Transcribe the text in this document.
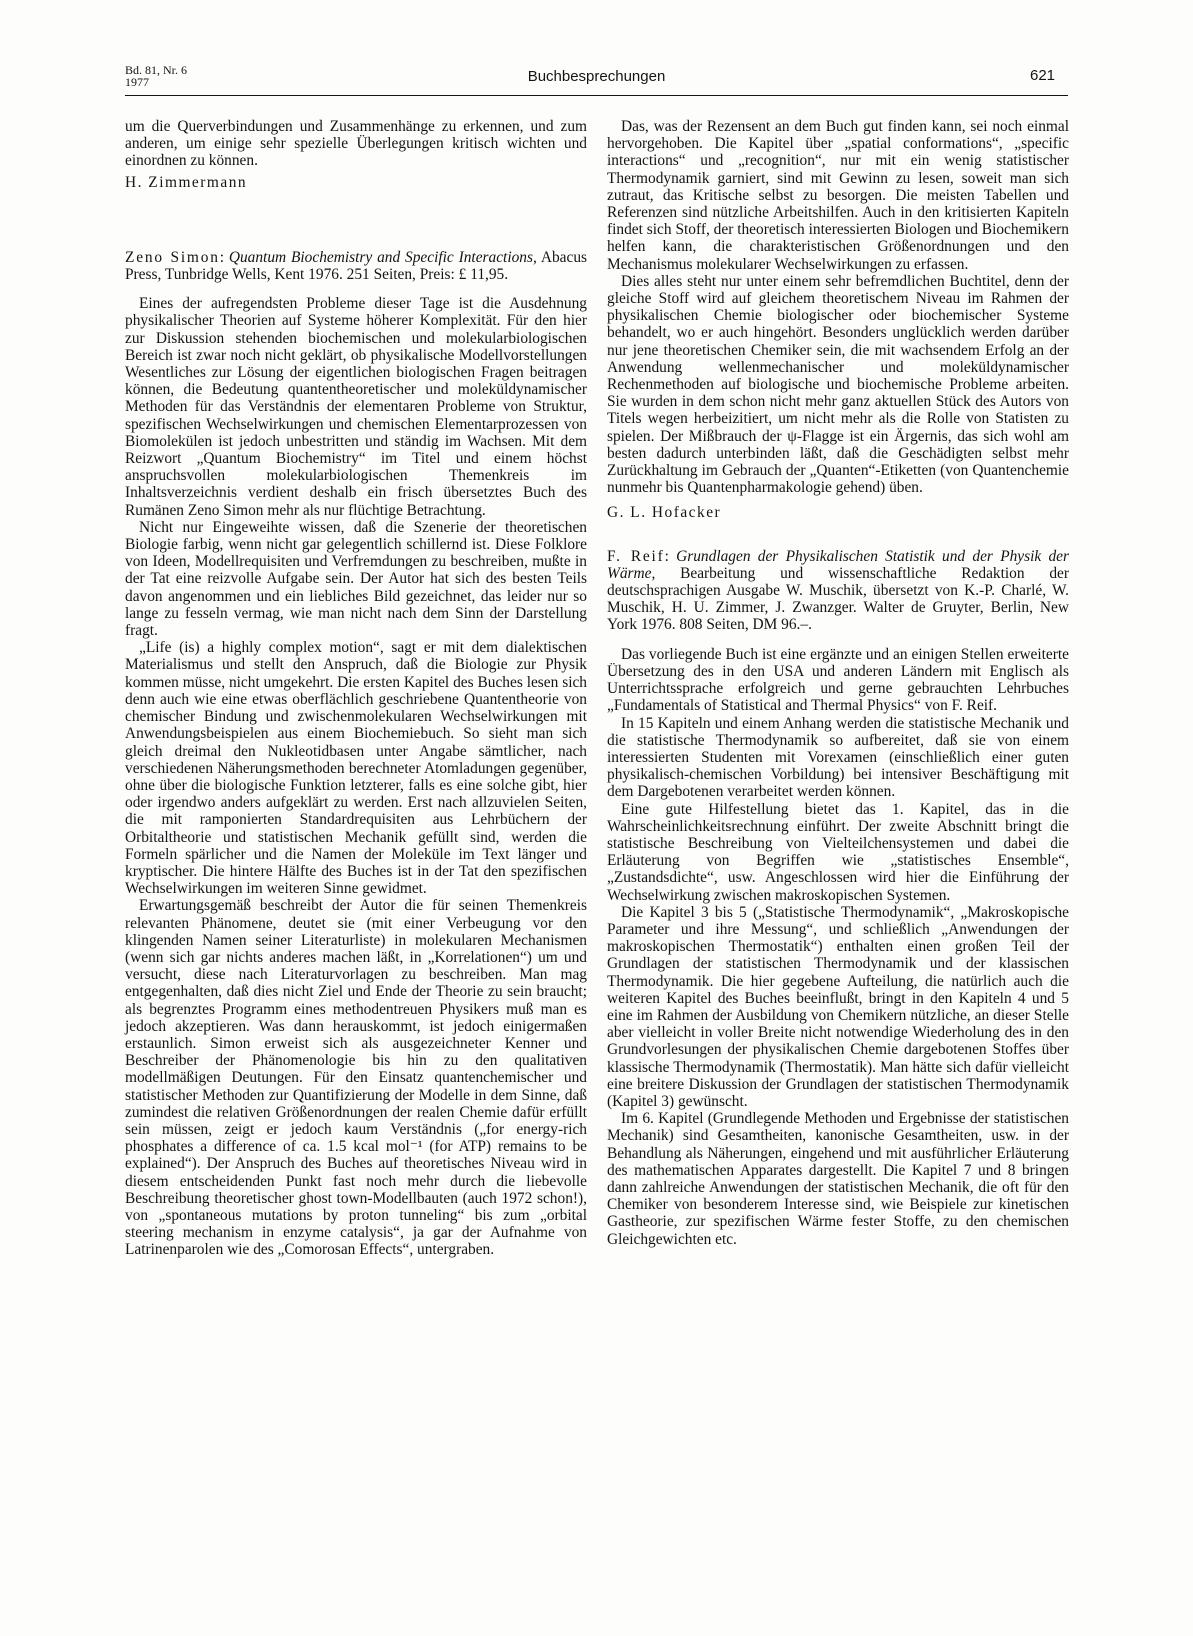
Bd. 81, Nr. 6
1977	Buchbesprechungen	621

um die Querverbindungen und Zusammenhänge zu erkennen, und zum anderen, um einige sehr spezielle Überlegungen kritisch wichten und einordnen zu können.

H. Zimmermann

Zeno Simon: Quantum Biochemistry and Specific Interactions, Abacus Press, Tunbridge Wells, Kent 1976. 251 Seiten, Preis: £ 11,95.

Eines der aufregendsten Probleme dieser Tage ist die Ausdehnung physikalischer Theorien auf Systeme höherer Komplexität. Für den hier zur Diskussion stehenden biochemischen und molekularbiologischen Bereich ist zwar noch nicht geklärt, ob physikalische Modellvorstellungen Wesentliches zur Lösung der eigentlichen biologischen Fragen beitragen können, die Bedeutung quantentheoretischer und moleküldynamischer Methoden für das Verständnis der elementaren Probleme von Struktur, spezifischen Wechselwirkungen und chemischen Elementarprozessen von Biomolekülen ist jedoch unbestritten und ständig im Wachsen. Mit dem Reizwort „Quantum Biochemistry“ im Titel und einem höchst anspruchsvollen molekularbiologischen Themenkreis im Inhaltsverzeichnis verdient deshalb ein frisch übersetztes Buch des Rumänen Zeno Simon mehr als nur flüchtige Betrachtung.

Nicht nur Eingeweihte wissen, daß die Szenerie der theoretischen Biologie farbig, wenn nicht gar gelegentlich schillernd ist. Diese Folklore von Ideen, Modellrequisiten und Verfremdungen zu beschreiben, mußte in der Tat eine reizvolle Aufgabe sein. Der Autor hat sich des besten Teils davon angenommen und ein liebliches Bild gezeichnet, das leider nur so lange zu fesseln vermag, wie man nicht nach dem Sinn der Darstellung fragt.

„Life (is) a highly complex motion“, sagt er mit dem dialektischen Materialismus und stellt den Anspruch, daß die Biologie zur Physik kommen müsse, nicht umgekehrt. Die ersten Kapitel des Buches lesen sich denn auch wie eine etwas oberflächlich geschriebene Quantentheorie von chemischer Bindung und zwischenmolekularen Wechselwirkungen mit Anwendungsbeispielen aus einem Biochemiebuch. So sieht man sich gleich dreimal den Nukleotidbasen unter Angabe sämtlicher, nach verschiedenen Näherungsmethoden berechneter Atomladungen gegenüber, ohne über die biologische Funktion letzterer, falls es eine solche gibt, hier oder irgendwo anders aufgeklärt zu werden. Erst nach allzuvielen Seiten, die mit ramponierten Standardrequisiten aus Lehrbüchern der Orbitaltheorie und statistischen Mechanik gefüllt sind, werden die Formeln spärlicher und die Namen der Moleküle im Text länger und kryptischer. Die hintere Hälfte des Buches ist in der Tat den spezifischen Wechselwirkungen im weiteren Sinne gewidmet.

Erwartungsgemäß beschreibt der Autor die für seinen Themenkreis relevanten Phänomene, deutet sie (mit einer Verbeugung vor den klingenden Namen seiner Literaturliste) in molekularen Mechanismen (wenn sich gar nichts anderes machen läßt, in „Korrelationen“) um und versucht, diese nach Literaturvorlagen zu beschreiben. Man mag entgegenhalten, daß dies nicht Ziel und Ende der Theorie zu sein braucht; als begrenztes Programm eines methodentreuen Physikers muß man es jedoch akzeptieren. Was dann herauskommt, ist jedoch einigermaßen erstaunlich. Simon erweist sich als ausgezeichneter Kenner und Beschreiber der Phänomenologie bis hin zu den qualitativen modellmäßigen Deutungen. Für den Einsatz quantenchemischer und statistischer Methoden zur Quantifizierung der Modelle in dem Sinne, daß zumindest die relativen Größenordnungen der realen Chemie dafür erfüllt sein müssen, zeigt er jedoch kaum Verständnis („for energy-rich phosphates a difference of ca. 1.5 kcal mol⁻¹ (for ATP) remains to be explained“). Der Anspruch des Buches auf theoretisches Niveau wird in diesem entscheidenden Punkt fast noch mehr durch die liebevolle Beschreibung theoretischer ghost town-Modellbauten (auch 1972 schon!), von „spontaneous mutations by proton tunneling“ bis zum „orbital steering mechanism in enzyme catalysis“, ja gar der Aufnahme von Latrinenparolen wie des „Comorosan Effects“, untergraben.

Das, was der Rezensent an dem Buch gut finden kann, sei noch einmal hervorgehoben. Die Kapitel über „spatial conformations“, „specific interactions“ und „recognition“, nur mit ein wenig statistischer Thermodynamik garniert, sind mit Gewinn zu lesen, soweit man sich zutraut, das Kritische selbst zu besorgen. Die meisten Tabellen und Referenzen sind nützliche Arbeitshilfen. Auch in den kritisierten Kapiteln findet sich Stoff, der theoretisch interessierten Biologen und Biochemikern helfen kann, die charakteristischen Größenordnungen und den Mechanismus molekularer Wechselwirkungen zu erfassen.

Dies alles steht nur unter einem sehr befremdlichen Buchtitel, denn der gleiche Stoff wird auf gleichem theoretischem Niveau im Rahmen der physikalischen Chemie biologischer oder biochemischer Systeme behandelt, wo er auch hingehört. Besonders unglücklich werden darüber nur jene theoretischen Chemiker sein, die mit wachsendem Erfolg an der Anwendung wellenmechanischer und moleküldynamischer Rechenmethoden auf biologische und biochemische Probleme arbeiten. Sie wurden in dem schon nicht mehr ganz aktuellen Stück des Autors von Titels wegen herbeizitiert, um nicht mehr als die Rolle von Statisten zu spielen. Der Mißbrauch der ψ-Flagge ist ein Ärgernis, das sich wohl am besten dadurch unterbinden läßt, daß die Geschädigten selbst mehr Zurückhaltung im Gebrauch der „Quanten“-Etiketten (von Quantenchemie nunmehr bis Quantenpharmakologie gehend) üben.

G. L. Hofacker

F. Reif: Grundlagen der Physikalischen Statistik und der Physik der Wärme, Bearbeitung und wissenschaftliche Redaktion der deutschsprachigen Ausgabe W. Muschik, übersetzt von K.-P. Charlé, W. Muschik, H. U. Zimmer, J. Zwanzger. Walter de Gruyter, Berlin, New York 1976. 808 Seiten, DM 96.–.

Das vorliegende Buch ist eine ergänzte und an einigen Stellen erweiterte Übersetzung des in den USA und anderen Ländern mit Englisch als Unterrichtssprache erfolgreich und gerne gebrauchten Lehrbuches „Fundamentals of Statistical and Thermal Physics“ von F. Reif.

In 15 Kapiteln und einem Anhang werden die statistische Mechanik und die statistische Thermodynamik so aufbereitet, daß sie von einem interessierten Studenten mit Vorexamen (einschließlich einer guten physikalisch-chemischen Vorbildung) bei intensiver Beschäftigung mit dem Dargebotenen verarbeitet werden können.

Eine gute Hilfestellung bietet das 1. Kapitel, das in die Wahrscheinlichkeitsrechnung einführt. Der zweite Abschnitt bringt die statistische Beschreibung von Vielteilchensystemen und dabei die Erläuterung von Begriffen wie „statistisches Ensemble“, „Zustandsdichte“, usw. Angeschlossen wird hier die Einführung der Wechselwirkung zwischen makroskopischen Systemen.

Die Kapitel 3 bis 5 („Statistische Thermodynamik“, „Makroskopische Parameter und ihre Messung“, und schließlich „Anwendungen der makroskopischen Thermostatik“) enthalten einen großen Teil der Grundlagen der statistischen Thermodynamik und der klassischen Thermodynamik. Die hier gegebene Aufteilung, die natürlich auch die weiteren Kapitel des Buches beeinflußt, bringt in den Kapiteln 4 und 5 eine im Rahmen der Ausbildung von Chemikern nützliche, an dieser Stelle aber vielleicht in voller Breite nicht notwendige Wiederholung des in den Grundvorlesungen der physikalischen Chemie dargebotenen Stoffes über klassische Thermodynamik (Thermostatik). Man hätte sich dafür vielleicht eine breitere Diskussion der Grundlagen der statistischen Thermodynamik (Kapitel 3) gewünscht.

Im 6. Kapitel (Grundlegende Methoden und Ergebnisse der statistischen Mechanik) sind Gesamtheiten, kanonische Gesamtheiten, usw. in der Behandlung als Näherungen, eingehend und mit ausführlicher Erläuterung des mathematischen Apparates dargestellt. Die Kapitel 7 und 8 bringen dann zahlreiche Anwendungen der statistischen Mechanik, die oft für den Chemiker von besonderem Interesse sind, wie Beispiele zur kinetischen Gastheorie, zur spezifischen Wärme fester Stoffe, zu den chemischen Gleichgewichten etc.
